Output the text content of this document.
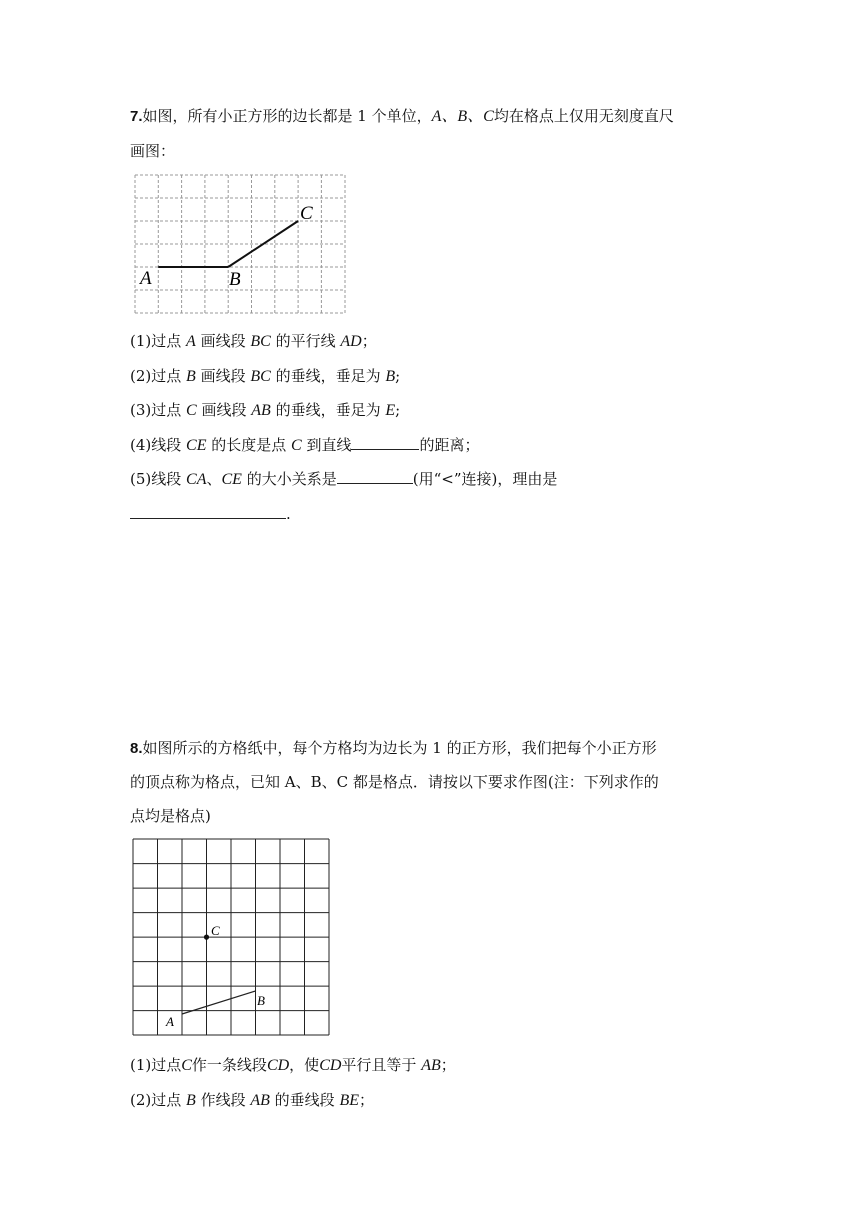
7.如图，所有小正方形的边长都是 1 个单位，A、B、C均在格点上仅用无刻度直尺
画图：
A	B
C
(1)过点 A 画线段 BC 的平行线 AD；
(2)过点 B 画线段 BC 的垂线，垂足为 B;
(3)过点 C 画线段 AB 的垂线，垂足为 E;
(4)线段 CE 的长度是点 C 到直线	的距离；
(5)线段 CA、CE 的大小关系是	(用“<”连接)，理由是
.
8.如图所示的方格纸中，每个方格均为边长为 1 的正方形，我们把每个小正方形
的顶点称为格点，已知 A、B、C 都是格点．请按以下要求作图(注：下列求作的
点均是格点)
A
B
C
(1)过点C作一条线段CD，使CD平行且等于 AB；
(2)过点 B 作线段 AB 的垂线段 BE；
